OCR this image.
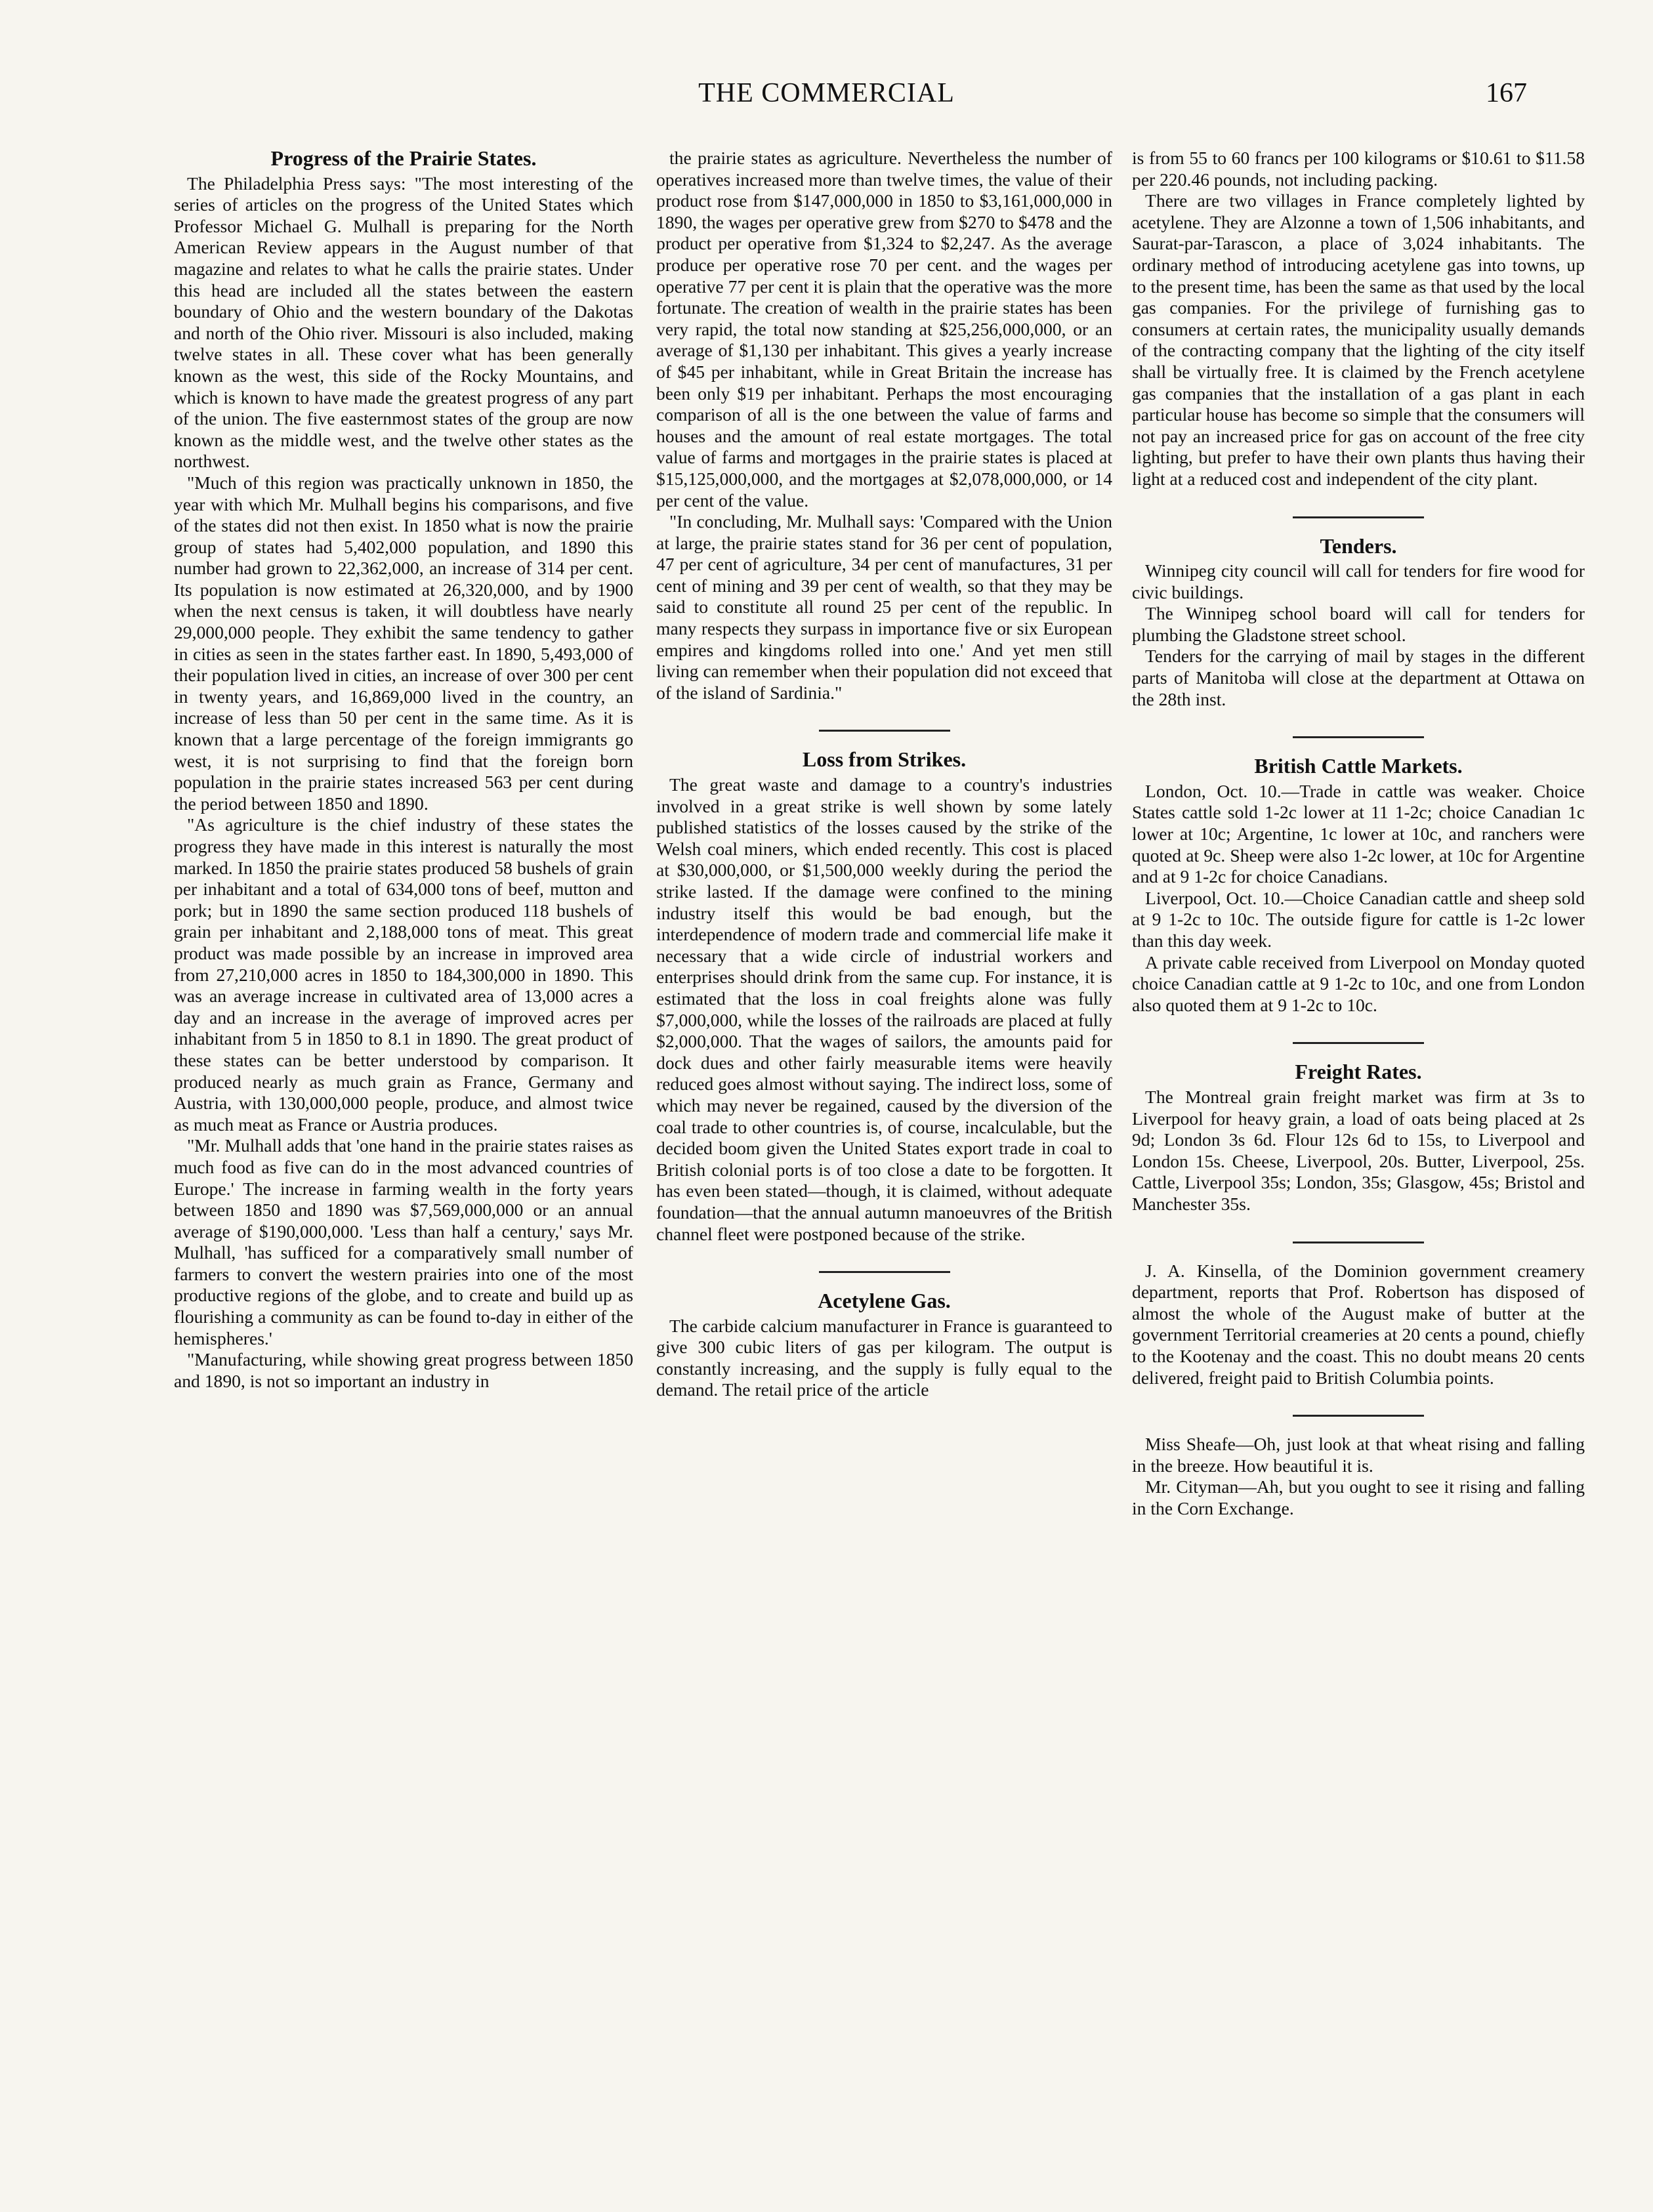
THE COMMERCIAL	167
Progress of the Prairie States.

The Philadelphia Press says: "The most interesting of the series of articles on the progress of the United States which Professor Michael G. Mulhall is preparing for the North American Review appears in the August number of that magazine and relates to what he calls the prairie states. Under this head are included all the states between the eastern boundary of Ohio and the western boundary of the Dakotas and north of the Ohio river. Missouri is also included, making twelve states in all. These cover what has been generally known as the west, this side of the Rocky Mountains, and which is known to have made the greatest progress of any part of the union. The five easternmost states of the group are now known as the middle west, and the twelve other states as the northwest.

"Much of this region was practically unknown in 1850, the year with which Mr. Mulhall begins his comparisons, and five of the states did not then exist. In 1850 what is now the prairie group of states had 5,402,000 population, and 1890 this number had grown to 22,362,000, an increase of 314 per cent. Its population is now estimated at 26,320,000, and by 1900 when the next census is taken, it will doubtless have nearly 29,000,000 people. They exhibit the same tendency to gather in cities as seen in the states farther east. In 1890, 5,493,000 of their population lived in cities, an increase of over 300 per cent in twenty years, and 16,869,000 lived in the country, an increase of less than 50 per cent in the same time. As it is known that a large percentage of the foreign immigrants go west, it is not surprising to find that the foreign born population in the prairie states increased 563 per cent during the period between 1850 and 1890.

"As agriculture is the chief industry of these states the progress they have made in this interest is naturally the most marked. In 1850 the prairie states produced 58 bushels of grain per inhabitant and a total of 634,000 tons of beef, mutton and pork; but in 1890 the same section produced 118 bushels of grain per inhabitant and 2,188,000 tons of meat. This great product was made possible by an increase in improved area from 27,210,000 acres in 1850 to 184,300,000 in 1890. This was an average increase in cultivated area of 13,000 acres a day and an increase in the average of improved acres per inhabitant from 5 in 1850 to 8.1 in 1890. The great product of these states can be better understood by comparison. It produced nearly as much grain as France, Germany and Austria, with 130,000,000 people, produce, and almost twice as much meat as France or Austria produces.

"Mr. Mulhall adds that 'one hand in the prairie states raises as much food as five can do in the most advanced countries of Europe.' The increase in farming wealth in the forty years between 1850 and 1890 was $7,569,000,000 or an annual average of $190,000,000. 'Less than half a century,' says Mr. Mulhall, 'has sufficed for a comparatively small number of farmers to convert the western prairies into one of the most productive regions of the globe, and to create and build up as flourishing a community as can be found to-day in either of the hemispheres.'

"Manufacturing, while showing great progress between 1850 and 1890, is not so important an industry in

the prairie states as agriculture. Nevertheless the number of operatives increased more than twelve times, the value of their product rose from $147,000,000 in 1850 to $3,161,000,000 in 1890, the wages per operative grew from $270 to $478 and the product per operative from $1,324 to $2,247. As the average produce per operative rose 70 per cent. and the wages per operative 77 per cent it is plain that the operative was the more fortunate. The creation of wealth in the prairie states has been very rapid, the total now standing at $25,256,000,000, or an average of $1,130 per inhabitant. This gives a yearly increase of $45 per inhabitant, while in Great Britain the increase has been only $19 per inhabitant. Perhaps the most encouraging comparison of all is the one between the value of farms and houses and the amount of real estate mortgages. The total value of farms and mortgages in the prairie states is placed at $15,125,000,000, and the mortgages at $2,078,000,000, or 14 per cent of the value.

"In concluding, Mr. Mulhall says: 'Compared with the Union at large, the prairie states stand for 36 per cent of population, 47 per cent of agriculture, 34 per cent of manufactures, 31 per cent of mining and 39 per cent of wealth, so that they may be said to constitute all round 25 per cent of the republic. In many respects they surpass in importance five or six European empires and kingdoms rolled into one.' And yet men still living can remember when their population did not exceed that of the island of Sardinia."

Loss from Strikes.

The great waste and damage to a country's industries involved in a great strike is well shown by some lately published statistics of the losses caused by the strike of the Welsh coal miners, which ended recently. This cost is placed at $30,000,000, or $1,500,000 weekly during the period the strike lasted. If the damage were confined to the mining industry itself this would be bad enough, but the interdependence of modern trade and commercial life make it necessary that a wide circle of industrial workers and enterprises should drink from the same cup. For instance, it is estimated that the loss in coal freights alone was fully $7,000,000, while the losses of the railroads are placed at fully $2,000,000. That the wages of sailors, the amounts paid for dock dues and other fairly measurable items were heavily reduced goes almost without saying. The indirect loss, some of which may never be regained, caused by the diversion of the coal trade to other countries is, of course, incalculable, but the decided boom given the United States export trade in coal to British colonial ports is of too close a date to be forgotten. It has even been stated—though, it is claimed, without adequate foundation—that the annual autumn manoeuvres of the British channel fleet were postponed because of the strike.

Acetylene Gas.

The carbide calcium manufacturer in France is guaranteed to give 300 cubic liters of gas per kilogram. The output is constantly increasing, and the supply is fully equal to the demand. The retail price of the article

is from 55 to 60 francs per 100 kilograms or $10.61 to $11.58 per 220.46 pounds, not including packing.

There are two villages in France completely lighted by acetylene. They are Alzonne a town of 1,506 inhabitants, and Saurat-par-Tarascon, a place of 3,024 inhabitants. The ordinary method of introducing acetylene gas into towns, up to the present time, has been the same as that used by the local gas companies. For the privilege of furnishing gas to consumers at certain rates, the municipality usually demands of the contracting company that the lighting of the city itself shall be virtually free. It is claimed by the French acetylene gas companies that the installation of a gas plant in each particular house has become so simple that the consumers will not pay an increased price for gas on account of the free city lighting, but prefer to have their own plants thus having their light at a reduced cost and independent of the city plant.

Tenders.

Winnipeg city council will call for tenders for fire wood for civic buildings.

The Winnipeg school board will call for tenders for plumbing the Gladstone street school.

Tenders for the carrying of mail by stages in the different parts of Manitoba will close at the department at Ottawa on the 28th inst.

British Cattle Markets.

London, Oct. 10.—Trade in cattle was weaker. Choice States cattle sold 1-2c lower at 11 1-2c; choice Canadian 1c lower at 10c; Argentine, 1c lower at 10c, and ranchers were quoted at 9c. Sheep were also 1-2c lower, at 10c for Argentine and at 9 1-2c for choice Canadians.

Liverpool, Oct. 10.—Choice Canadian cattle and sheep sold at 9 1-2c to 10c. The outside figure for cattle is 1-2c lower than this day week.

A private cable received from Liverpool on Monday quoted choice Canadian cattle at 9 1-2c to 10c, and one from London also quoted them at 9 1-2c to 10c.

Freight Rates.

The Montreal grain freight market was firm at 3s to Liverpool for heavy grain, a load of oats being placed at 2s 9d; London 3s 6d. Flour 12s 6d to 15s, to Liverpool and London 15s. Cheese, Liverpool, 20s. Butter, Liverpool, 25s. Cattle, Liverpool 35s; London, 35s; Glasgow, 45s; Bristol and Manchester 35s.

J. A. Kinsella, of the Dominion government creamery department, reports that Prof. Robertson has disposed of almost the whole of the August make of butter at the government Territorial creameries at 20 cents a pound, chiefly to the Kootenay and the coast. This no doubt means 20 cents delivered, freight paid to British Columbia points.

Miss Sheafe—Oh, just look at that wheat rising and falling in the breeze. How beautiful it is.

Mr. Cityman—Ah, but you ought to see it rising and falling in the Corn Exchange.
